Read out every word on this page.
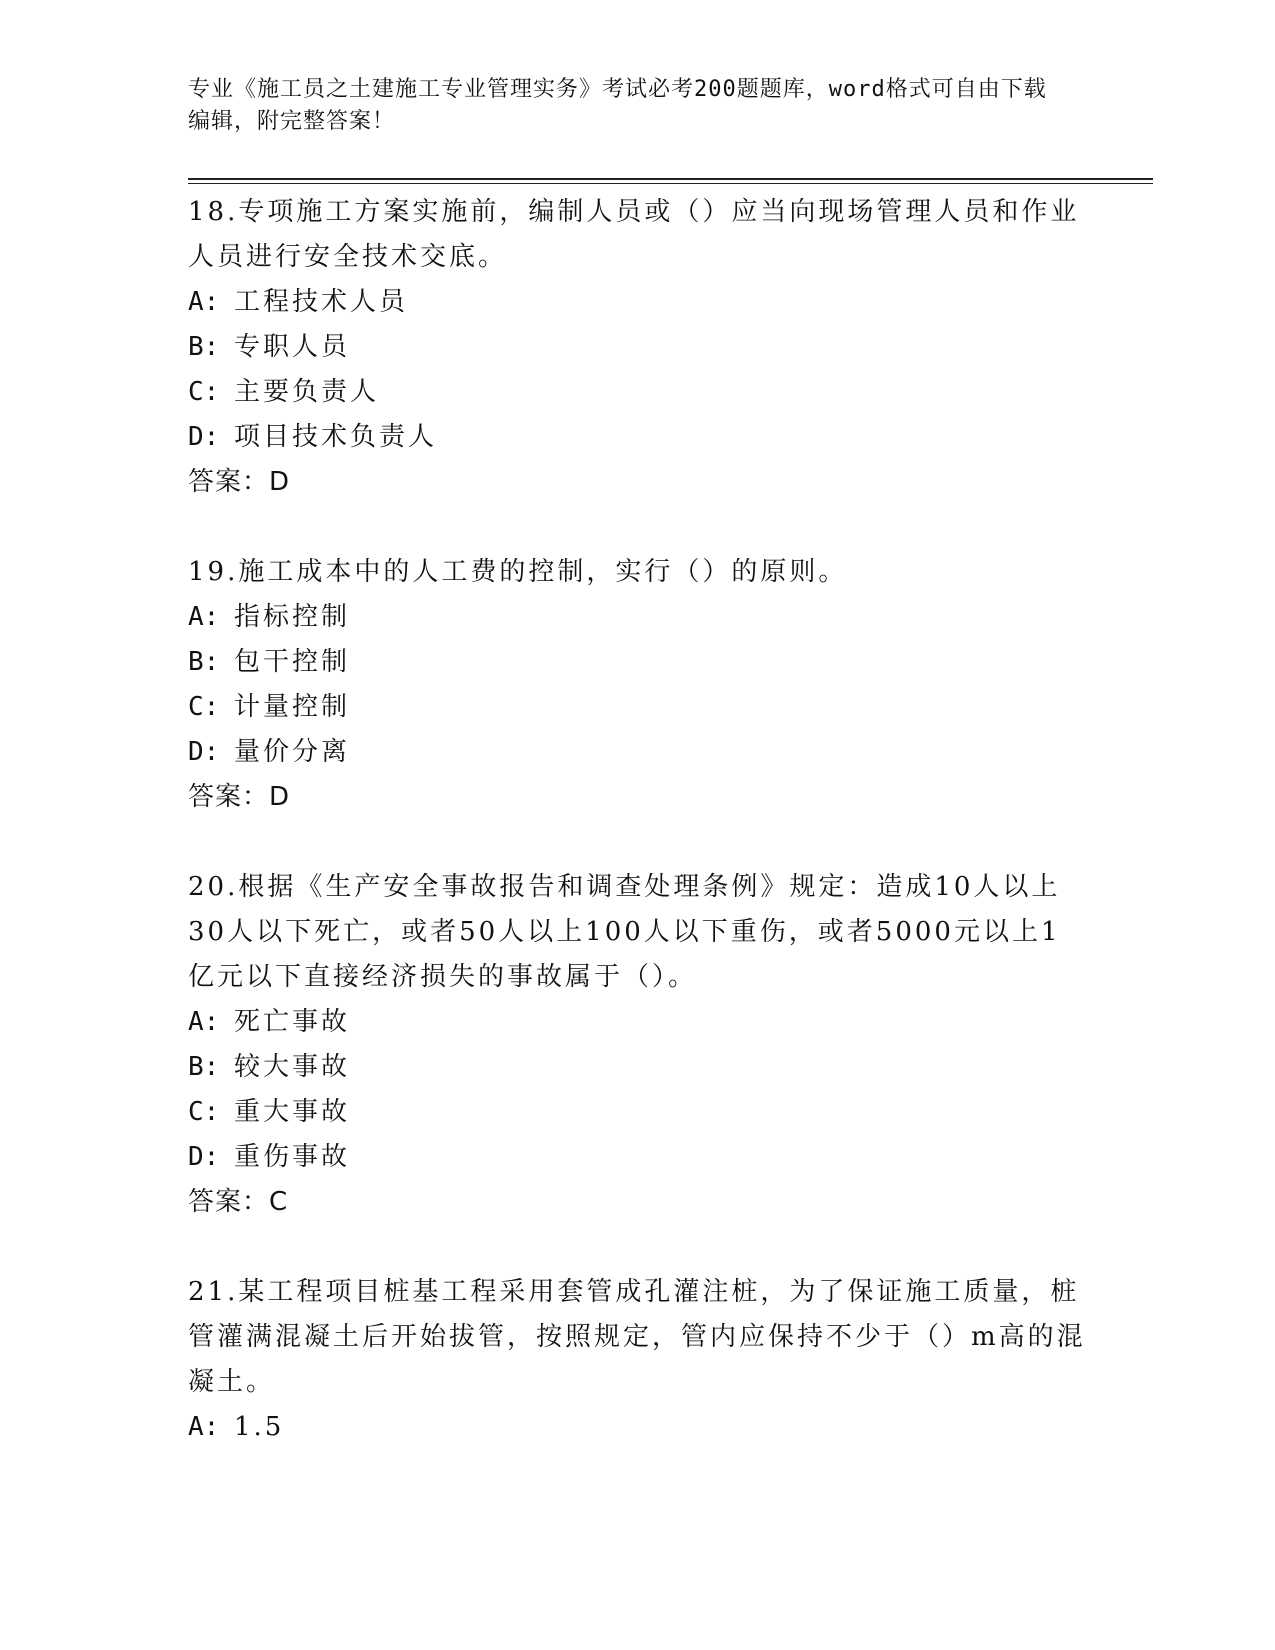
专业《施工员之土建施工专业管理实务》考试必考200题题库，word格式可自由下载编辑，附完整答案！

18.专项施工方案实施前，编制人员或（）应当向现场管理人员和作业人员进行安全技术交底。

A: 工程技术人员

B: 专职人员

C: 主要负责人

D: 项目技术负责人

答案：D

19.施工成本中的人工费的控制，实行（）的原则。

A: 指标控制

B: 包干控制

C: 计量控制

D: 量价分离

答案：D

20.根据《生产安全事故报告和调查处理条例》规定：造成10人以上30人以下死亡，或者50人以上100人以下重伤，或者5000元以上1亿元以下直接经济损失的事故属于（）。

A: 死亡事故

B: 较大事故

C: 重大事故

D: 重伤事故

答案：C

21.某工程项目桩基工程采用套管成孔灌注桩，为了保证施工质量，桩管灌满混凝土后开始拔管，按照规定，管内应保持不少于（）m高的混凝土。

A: 1.5
